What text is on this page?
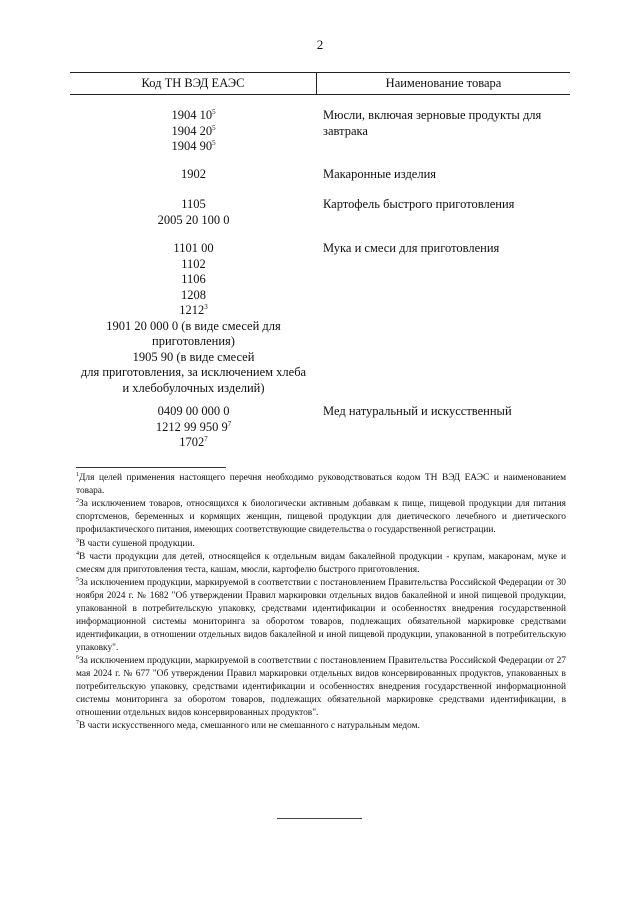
2
Код ТН ВЭД ЕАЭС	Наименование товара
1904 $10^5$
1904 $20^5$
1904 $90^5$
Мюсли, включая зерновые продукты для завтрака
1902	Макаронные изделия
1105
2005 20 100 0
Картофель быстрого приготовления
1101 00
1102
1106
1208
1212$^3$
1901 20 000 0 (в виде смесей для
приготовления)
1905 90 (в виде смесей
для приготовления, за исключением хлеба
и хлебобулочных изделий)
Мука и смеси для приготовления
0409 00 000 0
1212 99 950 $9^7$
1702$^7$
Мед натуральный и искусственный
$^1$Для целей применения настоящего перечня необходимо руководствоваться кодом ТН ВЭД ЕАЭС и наименованием товара.
$^2$За исключением товаров, относящихся к биологически активным добавкам к пище, пищевой продукции для питания спортсменов, беременных и кормящих женщин, пищевой продукции для диетического лечебного и диетического профилактического питания, имеющих соответствующие свидетельства о государственной регистрации.
$^3$В части сушеной продукции.
$^4$В части продукции для детей, относящейся к отдельным видам бакалейной продукции - крупам, макаронам, муке и смесям для приготовления теста, кашам, мюсли, картофелю быстрого приготовления.
$^5$За исключением продукции, маркируемой в соответствии с постановлением Правительства Российской Федерации от 30 ноября 2024 г. № 1682 "Об утверждении Правил маркировки отдельных видов бакалейной и иной пищевой продукции, упакованной в потребительскую упаковку, средствами идентификации и особенностях внедрения государственной информационной системы мониторинга за оборотом товаров, подлежащих обязательной маркировке средствами идентификации, в отношении отдельных видов бакалейной и иной пищевой продукции, упакованной в потребительскую упаковку".
$^6$За исключением продукции, маркируемой в соответствии с постановлением Правительства Российской Федерации от 27 мая 2024 г. № 677 "Об утверждении Правил маркировки отдельных видов консервированных продуктов, упакованных в потребительскую упаковку, средствами идентификации и особенностях внедрения государственной информационной системы мониторинга за оборотом товаров, подлежащих обязательной маркировке средствами идентификации, в отношении отдельных видов консервированных продуктов".
$^7$В части искусственного меда, смешанного или не смешанного с натуральным медом.
